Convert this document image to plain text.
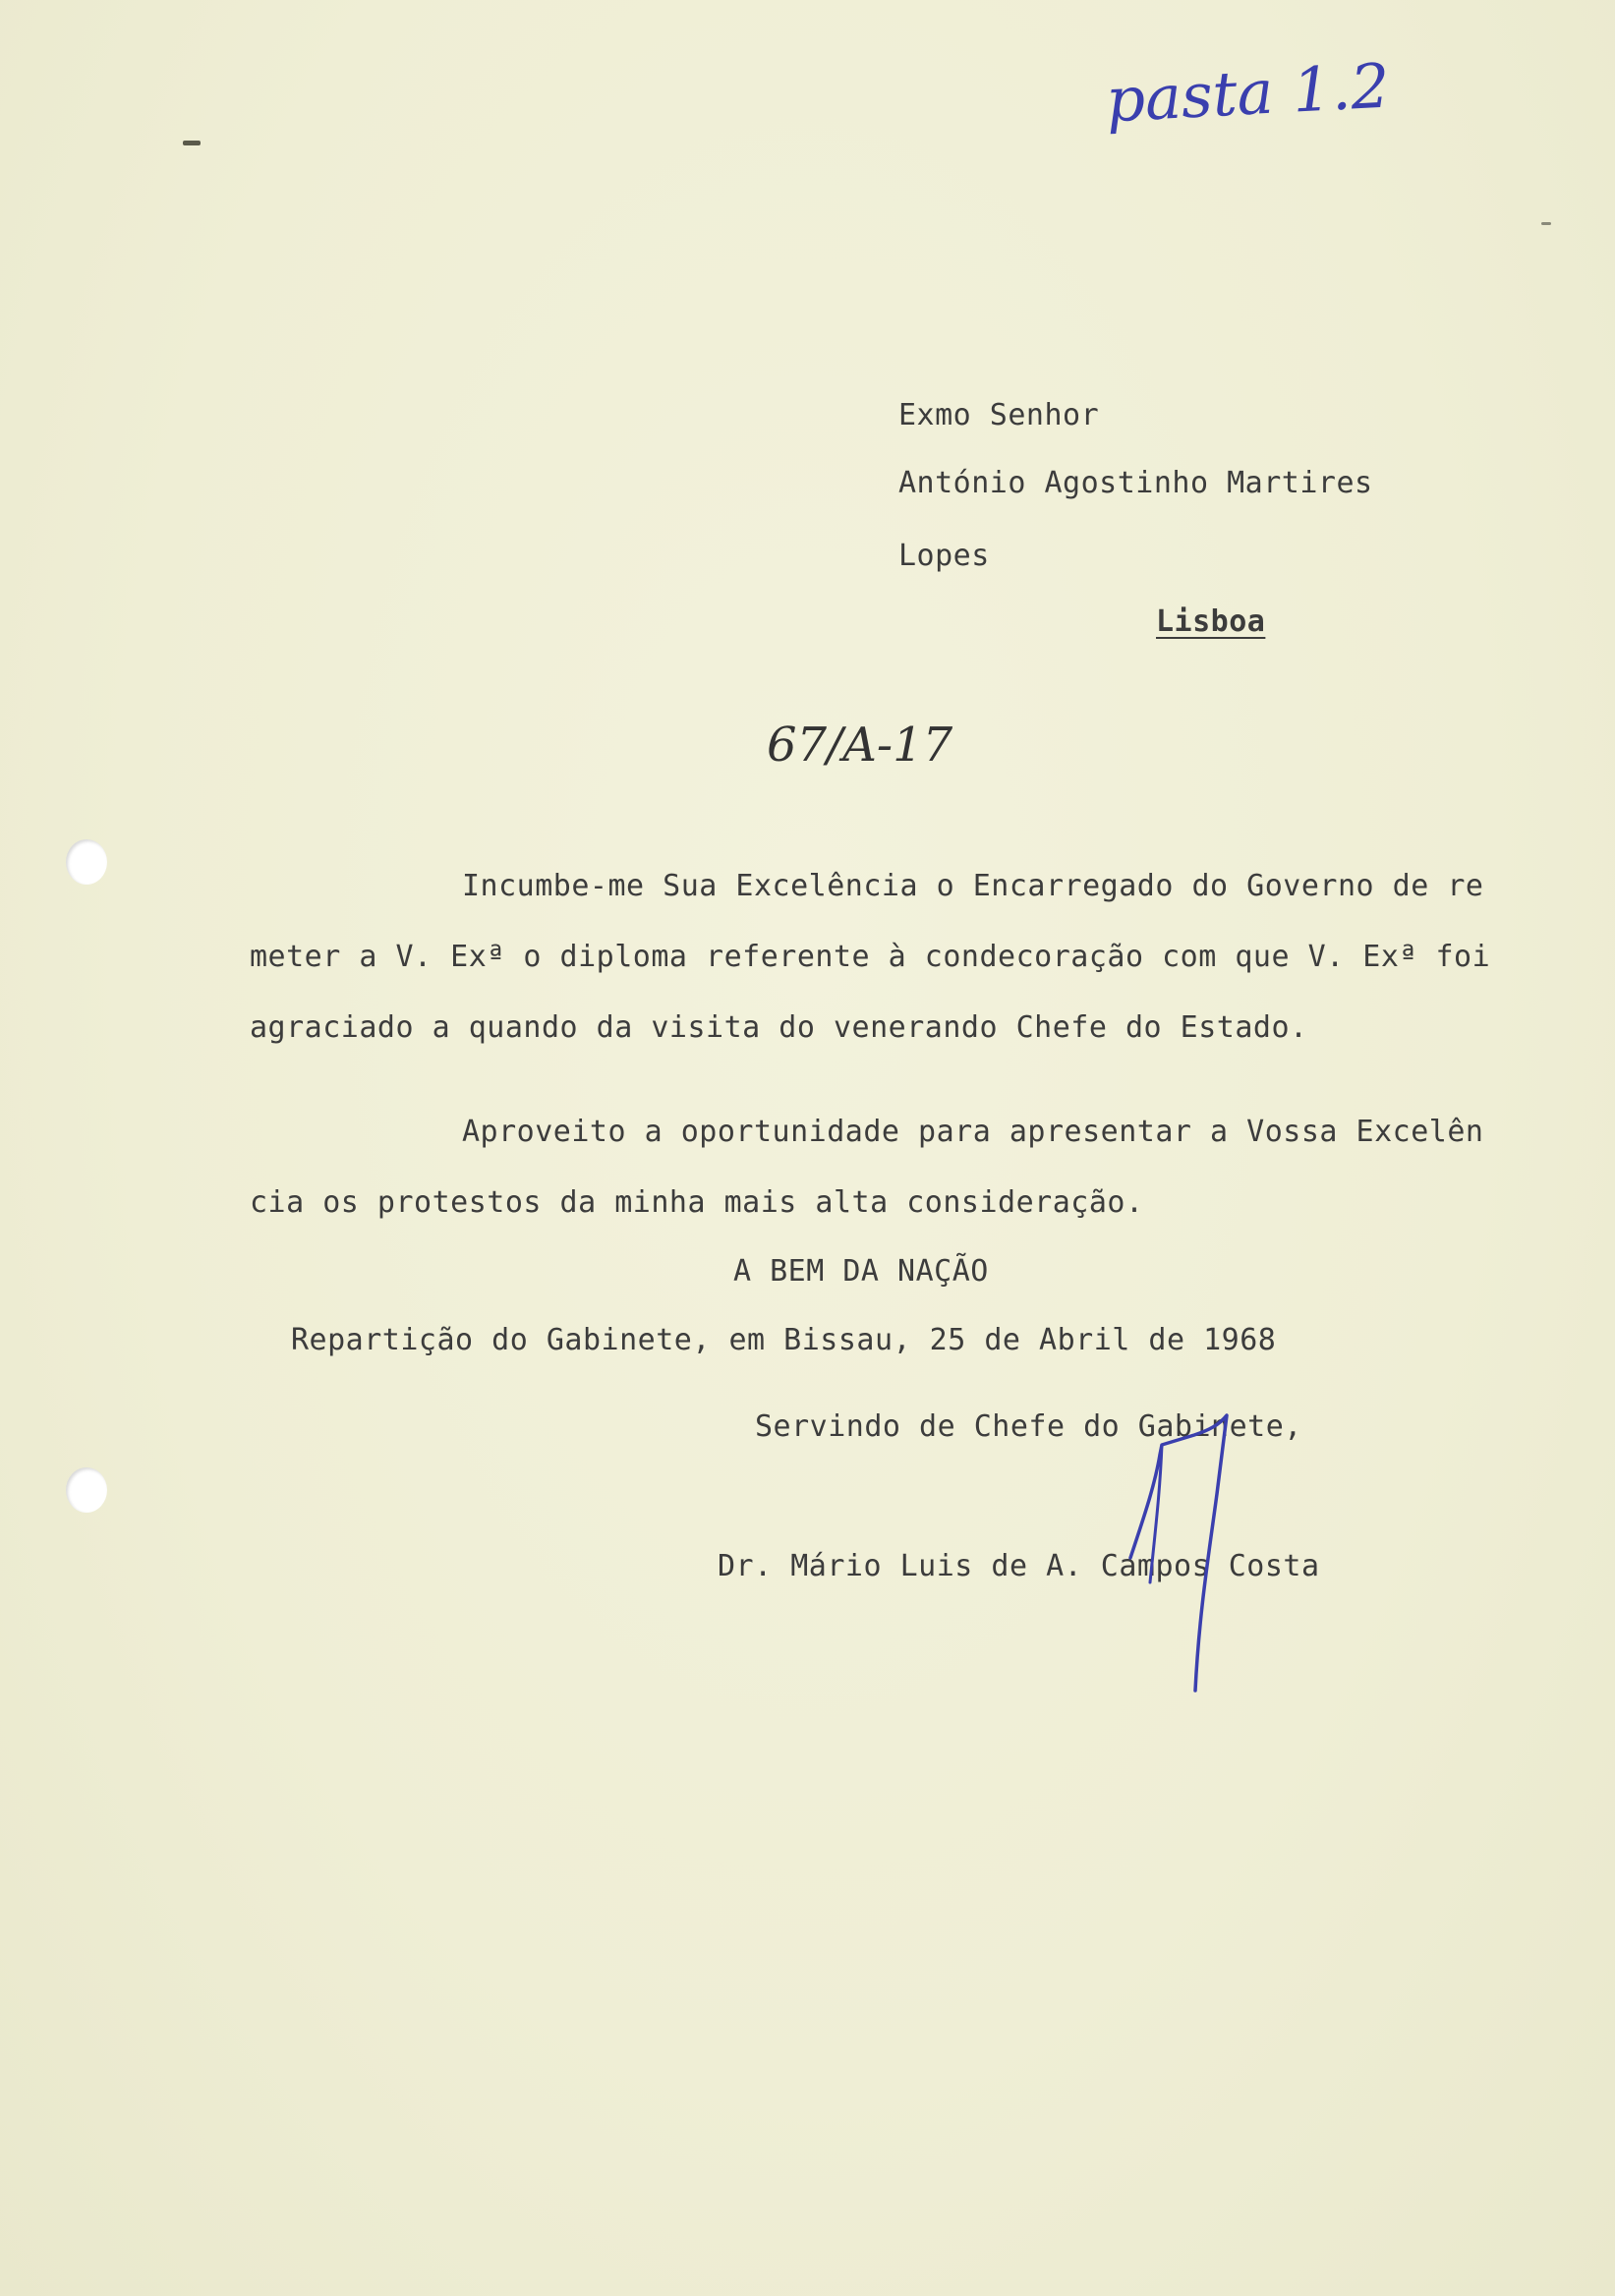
pasta 1.2
Exmo Senhor
António Agostinho Martires
Lopes
Lisboa
67/A-17
Incumbe-me Sua Excelência o Encarregado do Governo de re
meter a V. Exª o diploma referente à condecoração com que V. Exª foi
agraciado a quando da visita do venerando Chefe do Estado.
Aproveito a oportunidade para apresentar a Vossa Excelên
cia os protestos da minha mais alta consideração.
A BEM DA NAÇÃO
Repartição do Gabinete, em Bissau, 25 de Abril de 1968
Servindo de Chefe do Gabinete,
Dr. Mário Luis de A. Campos Costa
